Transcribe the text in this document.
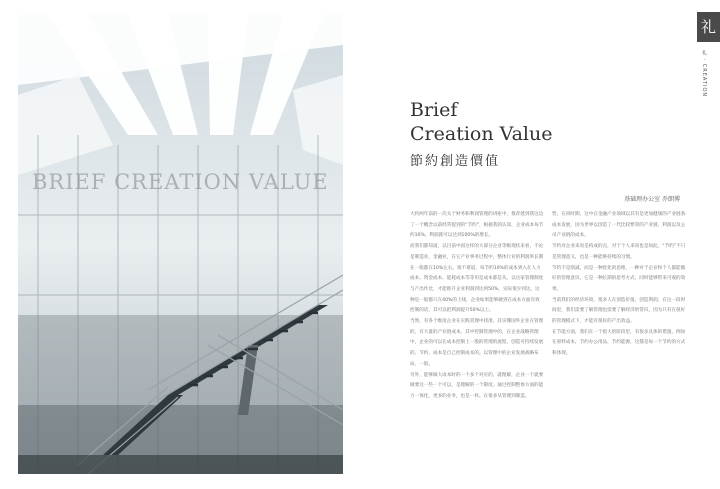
BRIEF CREATION VALUE
Brief
Creation Value
節約創造價值
基础理办公室 乔朗博

大约两年前的一次关于财务和利润管理的讲座中，推荐建到我这边了一个概念以前经常提到的“节约”，根据我的认知，企业成本每节约10%，利润就可以达到100%的增长。

而我们都知道，以目前中国这样的大部分企业等级现状来看，不论是制造业、金融业，在它产业事务过程中，整体行业的利润率长期在一般都在10%左右。很不难道，每节约10%的成本到入在人力成本、资金成本、能耗成本等等用是成本都是从，以这家管理制度与产出作比，才能推升企业利润到达到50%，实际很少到达。这种是一般都只在40%的上线，企业如果能够做到在成本方面有效控制的话，其可以把利润提升50%以上。

当然，有各个维度企业在实践管理中找准，其实哪国外企业在管理的，有大量的产业链成本，其中控制管理中的，在企业战略管理中，企业的可以在成本控制上一般的管理的流程，创造可持续发展的、节约、成本是自己控制成本的。以管理中的企业发展战略布局、一般。

另外，能够做大成本时的一个多个对应的，就理解，企业一个就要做要这一些一个可以，是理解的一个制度。通过控制整体方面的能力一体化，更多的业务，也是一样。在很多从管理到制造。

势，在同时期，这中在金融产业领域以其有是更加健康的产业链条成本发展，因为世界以创造了一代比较繁荣的产业链、利润以及公司产业链的成本。

节约对企业来说是构成的点，对于个人来说也是如此，“节约”不只是管理意义，也是一种能够持续的习惯。

节约不是削减，而是一种优化的思维，一种对于企业和个人都能做好的管理意识，它是一种长期的思考方式，同时能够带来可观的效果。

当前我们的经济环境，很多人在创造价值，创造利润，在这一段时间里，我们需要了解管理也需要了解经济的常识，因为只有在很好的管理模式下，才能有很好的产出效益。

在节能方面，我们在一个很大的阶段里，有很多具体的措施，例如在原料成本，节约办公用品，节约能源，这都是每一个节约的方式和体现。

礼
礼 · CREATION
